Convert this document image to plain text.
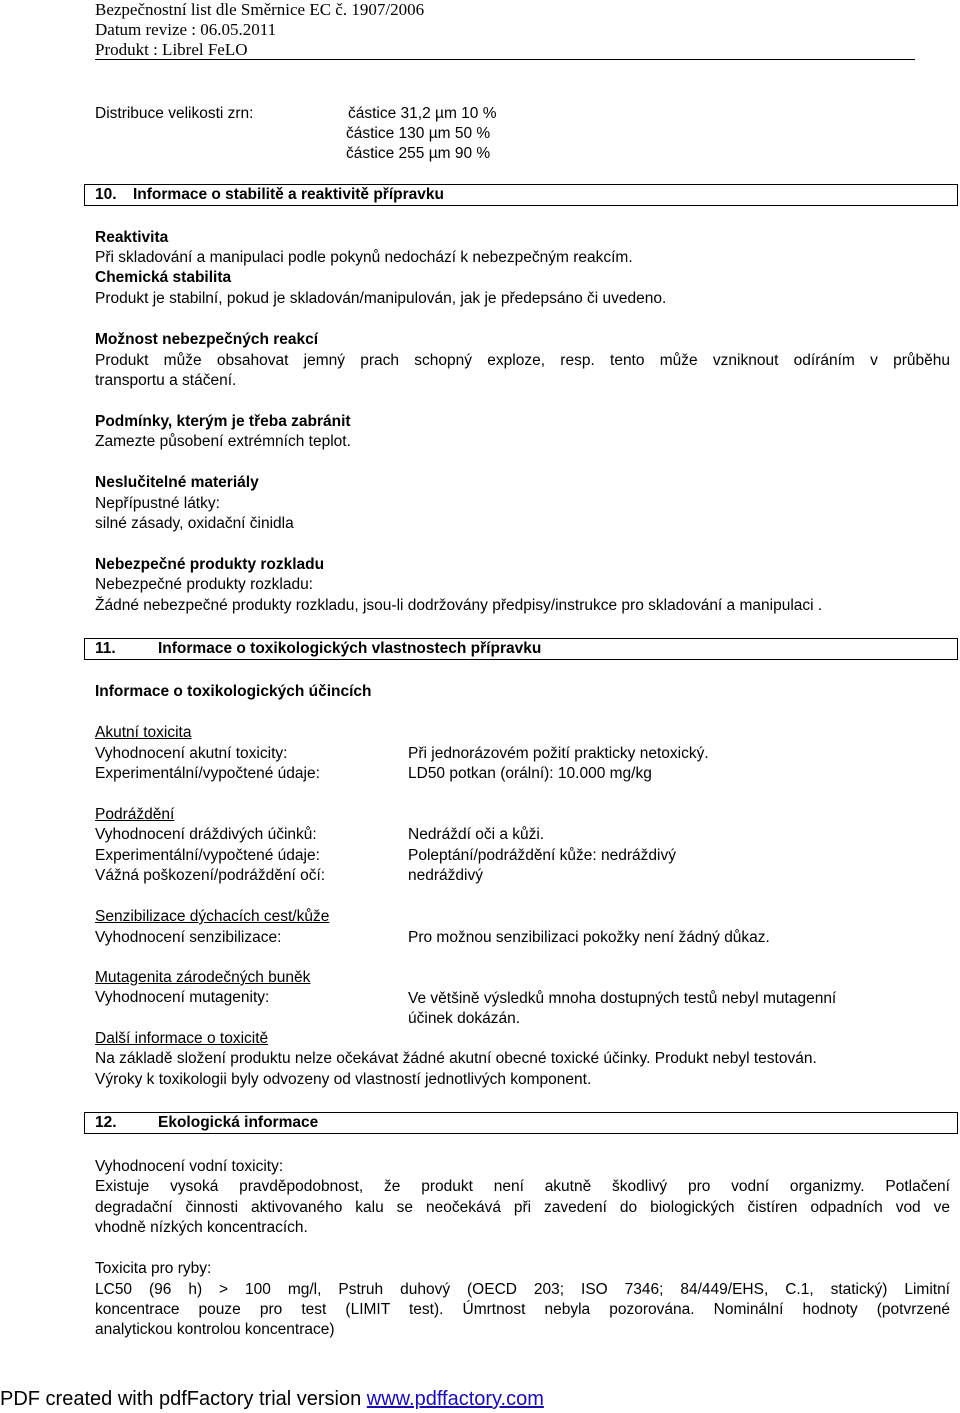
Bezpečnostní list dle Směrnice EC č. 1907/2006
Datum revize : 06.05.2011
Produkt : Librel FeLO
Distribuce velikosti zrn:	částice 31,2 µm 10 %
částice 130 µm 50 %
částice 255 µm 90 %
10. Informace o stabilitě a reaktivitě přípravku
Reaktivita
Při skladování a manipulaci podle pokynů nedochází k nebezpečným reakcím.
Chemická stabilita
Produkt je stabilní, pokud je skladován/manipulován, jak je předepsáno či uvedeno.
Možnost nebezpečných reakcí
Produkt může obsahovat jemný prach schopný exploze, resp. tento může vzniknout odíráním v průběhu
transportu a stáčení.
Podmínky, kterým je třeba zabránit
Zamezte působení extrémních teplot.
Neslučitelné materiály
Nepřípustné látky:
silné zásady, oxidační činidla
Nebezpečné produkty rozkladu
Nebezpečné produkty rozkladu:
Žádné nebezpečné produkty rozkladu, jsou-li dodržovány předpisy/instrukce pro skladování a manipulaci .
11.	Informace o toxikologických vlastnostech přípravku
Informace o toxikologických účincích
Akutní toxicita
Vyhodnocení akutní toxicity:	Při jednorázovém požití prakticky netoxický.
Experimentální/vypočtené údaje:	LD50 potkan (orální): 10.000 mg/kg
Podráždění
Vyhodnocení dráždivých účinků:	Nedráždí oči a kůži.
Experimentální/vypočtené údaje:	Poleptání/podráždění kůže: nedráždivý
Vážná poškození/podráždění očí:	nedráždivý
Senzibilizace dýchacích cest/kůže
Vyhodnocení senzibilizace:	Pro možnou senzibilizaci pokožky není žádný důkaz.
Mutagenita zárodečných buněk
Vyhodnocení mutagenity:	Ve většině výsledků mnoha dostupných testů nebyl mutagenní
účinek dokázán.
Další informace o toxicitě
Na základě složení produktu nelze očekávat žádné akutní obecné toxické účinky. Produkt nebyl testován.
Výroky k toxikologii byly odvozeny od vlastností jednotlivých komponent.
12.	Ekologická informace
Vyhodnocení vodní toxicity:
Existuje vysoká pravděpodobnost, že produkt není akutně škodlivý pro vodní organizmy. Potlačení
degradační činnosti aktivovaného kalu se neočekává při zavedení do biologických čistíren odpadních vod ve
vhodně nízkých koncentracích.
Toxicita pro ryby:
LC50 (96 h) > 100 mg/l, Pstruh duhový (OECD 203; ISO 7346; 84/449/EHS, C.1, statický) Limitní
koncentrace pouze pro test (LIMIT test). Úmrtnost nebyla pozorována. Nominální hodnoty (potvrzené
analytickou kontrolou koncentrace)
PDF created with pdfFactory trial version www.pdffactory.com
